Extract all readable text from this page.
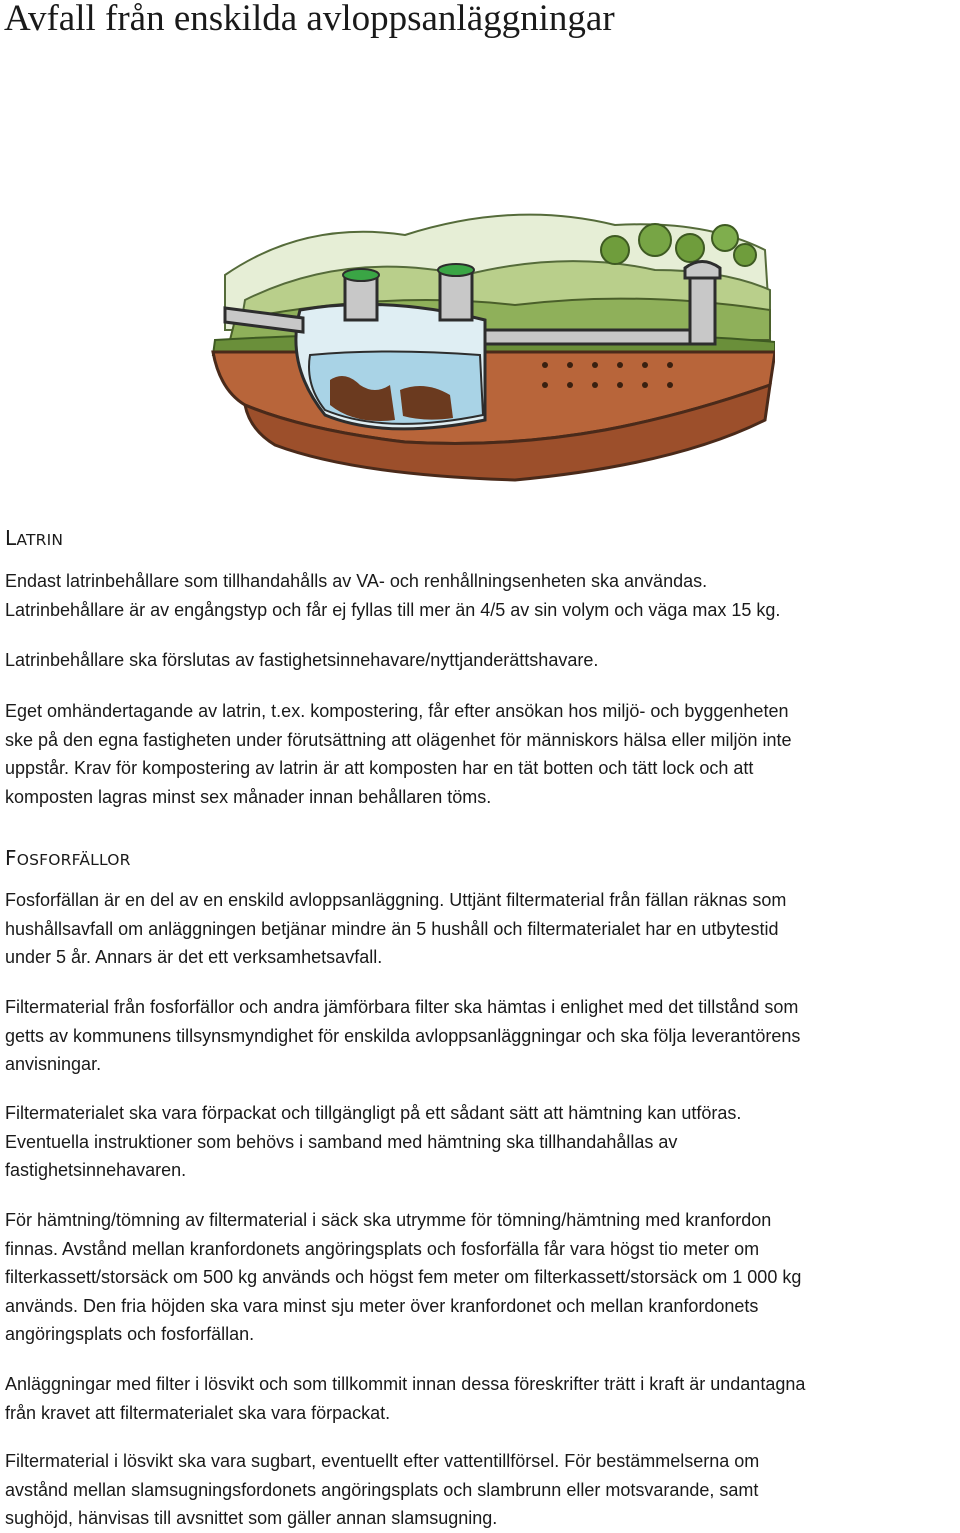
Avfall från enskilda avloppsanläggningar
LATRIN

Endast latrinbehållare som tillhandahålls av VA- och renhållningsenheten ska användas.
Latrinbehållare är av engångstyp och får ej fyllas till mer än 4/5 av sin volym och väga max 15 kg.

Latrinbehållare ska förslutas av fastighetsinnehavare/nyttjanderättshavare.

Eget omhändertagande av latrin, t.ex. kompostering, får efter ansökan hos miljö- och byggenheten
ske på den egna fastigheten under förutsättning att olägenhet för människors hälsa eller miljön inte
uppstår. Krav för kompostering av latrin är att komposten har en tät botten och tätt lock och att
komposten lagras minst sex månader innan behållaren töms.

FOSFORFÄLLOR

Fosforfällan är en del av en enskild avloppsanläggning. Uttjänt filtermaterial från fällan räknas som
hushållsavfall om anläggningen betjänar mindre än 5 hushåll och filtermaterialet har en utbytestid
under 5 år. Annars är det ett verksamhetsavfall.

Filtermaterial från fosforfällor och andra jämförbara filter ska hämtas i enlighet med det tillstånd som
getts av kommunens tillsynsmyndighet för enskilda avloppsanläggningar och ska följa leverantörens
anvisningar.

Filtermaterialet ska vara förpackat och tillgängligt på ett sådant sätt att hämtning kan utföras.
Eventuella instruktioner som behövs i samband med hämtning ska tillhandahållas av
fastighetsinnehavaren.

För hämtning/tömning av filtermaterial i säck ska utrymme för tömning/hämtning med kranfordon
finnas. Avstånd mellan kranfordonets angöringsplats och fosforfälla får vara högst tio meter om
filterkassett/storsäck om 500 kg används och högst fem meter om filterkassett/storsäck om 1 000 kg
används. Den fria höjden ska vara minst sju meter över kranfordonet och mellan kranfordonets
angöringsplats och fosforfällan.

Anläggningar med filter i lösvikt och som tillkommit innan dessa föreskrifter trätt i kraft är undantagna
från kravet att filtermaterialet ska vara förpackat.

Filtermaterial i lösvikt ska vara sugbart, eventuellt efter vattentillförsel. För bestämmelserna om
avstånd mellan slamsugningsfordonets angöringsplats och slambrunn eller motsvarande, samt
sughöjd, hänvisas till avsnittet som gäller annan slamsugning.
